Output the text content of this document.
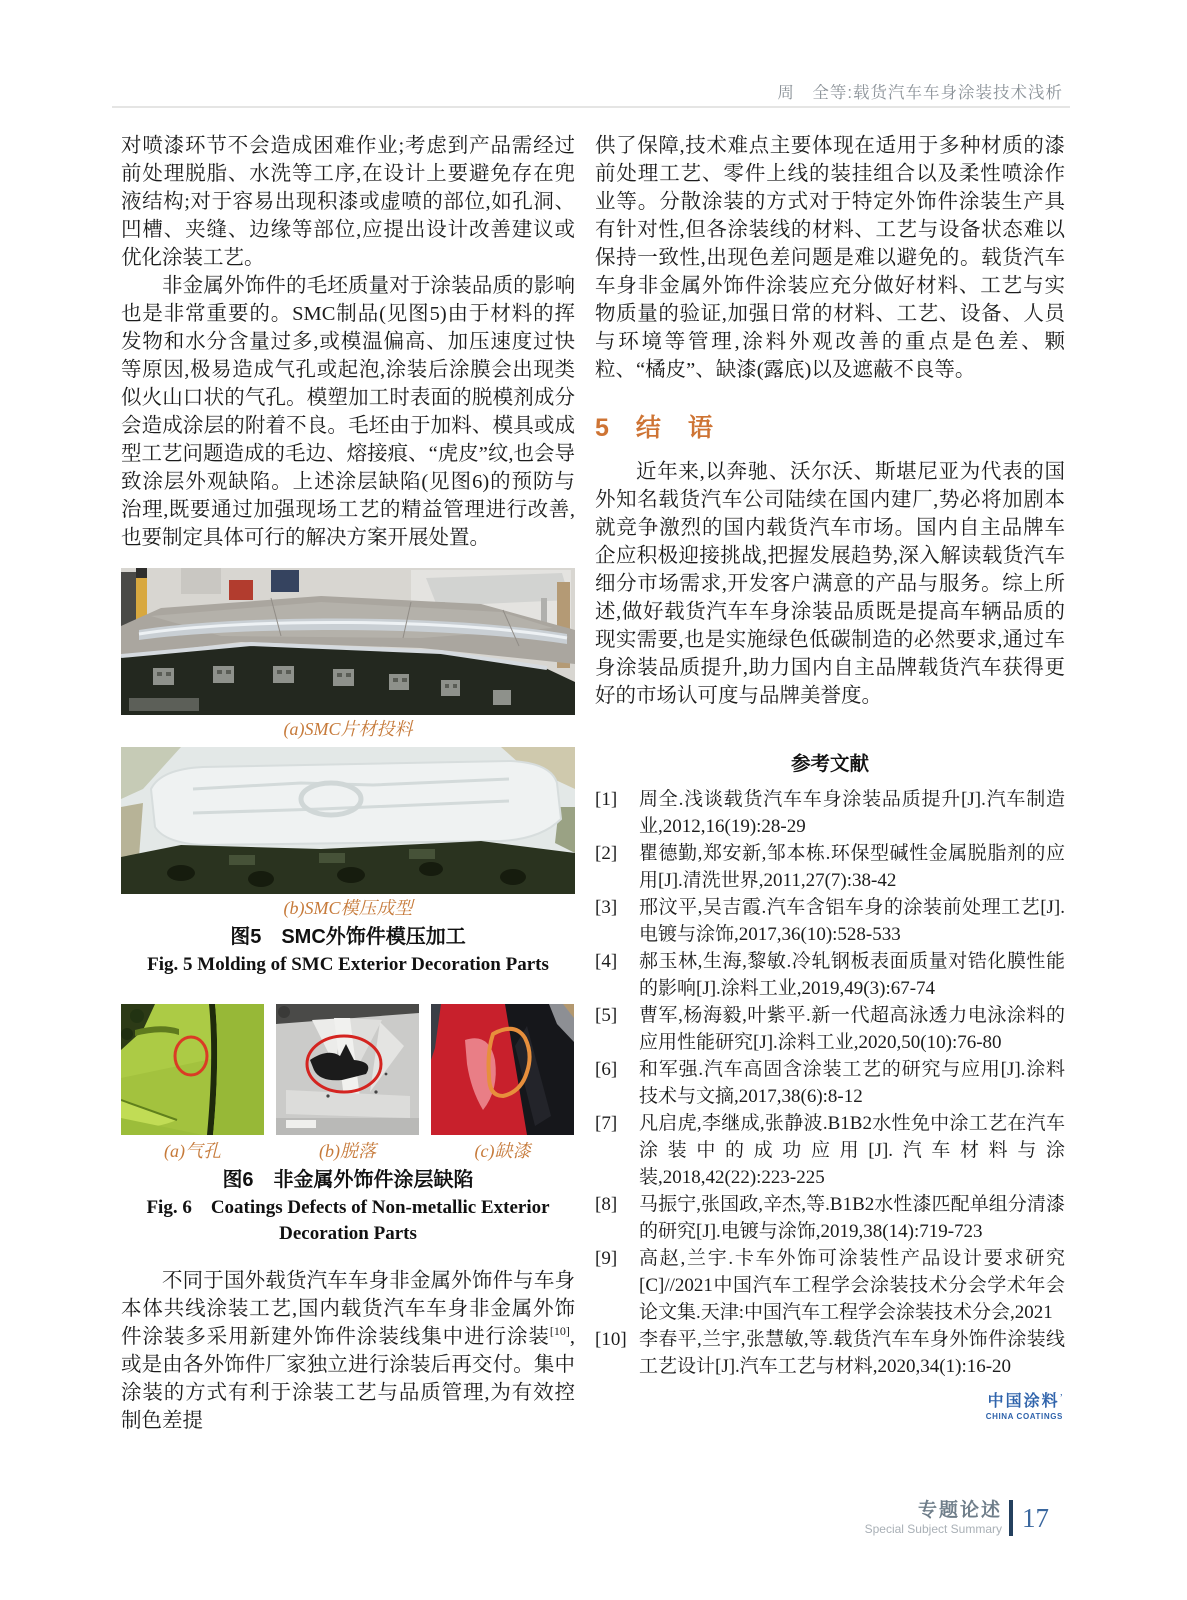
周　全等:载货汽车车身涂装技术浅析

对喷漆环节不会造成困难作业;考虑到产品需经过前处理脱脂、水洗等工序,在设计上要避免存在兜液结构;对于容易出现积漆或虚喷的部位,如孔洞、凹槽、夹缝、边缘等部位,应提出设计改善建议或优化涂装工艺。

非金属外饰件的毛坯质量对于涂装品质的影响也是非常重要的。SMC制品(见图5)由于材料的挥发物和水分含量过多,或模温偏高、加压速度过快等原因,极易造成气孔或起泡,涂装后涂膜会出现类似火山口状的气孔。模塑加工时表面的脱模剂成分会造成涂层的附着不良。毛坯由于加料、模具或成型工艺问题造成的毛边、熔接痕、“虎皮”纹,也会导致涂层外观缺陷。上述涂层缺陷(见图6)的预防与治理,既要通过加强现场工艺的精益管理进行改善,也要制定具体可行的解决方案开展处置。

(a)SMC片材投料
(b)SMC模压成型
图5　SMC外饰件模压加工
Fig. 5 Molding of SMC Exterior Decoration Parts
(a)气孔	(b)脱落	(c)缺漆
图6　非金属外饰件涂层缺陷
Fig. 6　Coatings Defects of Non-metallic Exterior Decoration Parts

不同于国外载货汽车车身非金属外饰件与车身本体共线涂装工艺,国内载货汽车车身非金属外饰件涂装多采用新建外饰件涂装线集中进行涂装[10],或是由各外饰件厂家独立进行涂装后再交付。集中涂装的方式有利于涂装工艺与品质管理,为有效控制色差提

供了保障,技术难点主要体现在适用于多种材质的漆前处理工艺、零件上线的装挂组合以及柔性喷涂作业等。分散涂装的方式对于特定外饰件涂装生产具有针对性,但各涂装线的材料、工艺与设备状态难以保持一致性,出现色差问题是难以避免的。载货汽车车身非金属外饰件涂装应充分做好材料、工艺与实物质量的验证,加强日常的材料、工艺、设备、人员与环境等管理,涂料外观改善的重点是色差、颗粒、“橘皮”、缺漆(露底)以及遮蔽不良等。

5　结　语

近年来,以奔驰、沃尔沃、斯堪尼亚为代表的国外知名载货汽车公司陆续在国内建厂,势必将加剧本就竞争激烈的国内载货汽车市场。国内自主品牌车企应积极迎接挑战,把握发展趋势,深入解读载货汽车细分市场需求,开发客户满意的产品与服务。综上所述,做好载货汽车车身涂装品质既是提高车辆品质的现实需要,也是实施绿色低碳制造的必然要求,通过车身涂装品质提升,助力国内自主品牌载货汽车获得更好的市场认可度与品牌美誉度。

参考文献
[1] 周全.浅谈载货汽车车身涂装品质提升[J].汽车制造业,2012,16(19):28-29
[2] 瞿德勤,郑安新,邹本栋.环保型碱性金属脱脂剂的应用[J].清洗世界,2011,27(7):38-42
[3] 邢汶平,吴吉霞.汽车含铝车身的涂装前处理工艺[J].电镀与涂饰,2017,36(10):528-533
[4] 郝玉林,生海,黎敏.冷轧钢板表面质量对锆化膜性能的影响[J].涂料工业,2019,49(3):67-74
[5] 曹军,杨海毅,叶紫平.新一代超高泳透力电泳涂料的应用性能研究[J].涂料工业,2020,50(10):76-80
[6] 和军强.汽车高固含涂装工艺的研究与应用[J].涂料技术与文摘,2017,38(6):8-12
[7] 凡启虎,李继成,张静波.B1B2水性免中涂工艺在汽车涂装中的成功应用[J].汽车材料与涂装,2018,42(22):223-225
[8] 马振宁,张国政,辛杰,等.B1B2水性漆匹配单组分清漆的研究[J].电镀与涂饰,2019,38(14):719-723
[9] 高赵,兰宇.卡车外饰可涂装性产品设计要求研究[C]//2021中国汽车工程学会涂装技术分会学术年会论文集.天津:中国汽车工程学会涂装技术分会,2021
[10] 李春平,兰宇,张慧敏,等.载货汽车车身外饰件涂装线工艺设计[J].汽车工艺与材料,2020,34(1):16-20
中国涂料’
CHINA COATINGS
专题论述
Special Subject Summary 17
